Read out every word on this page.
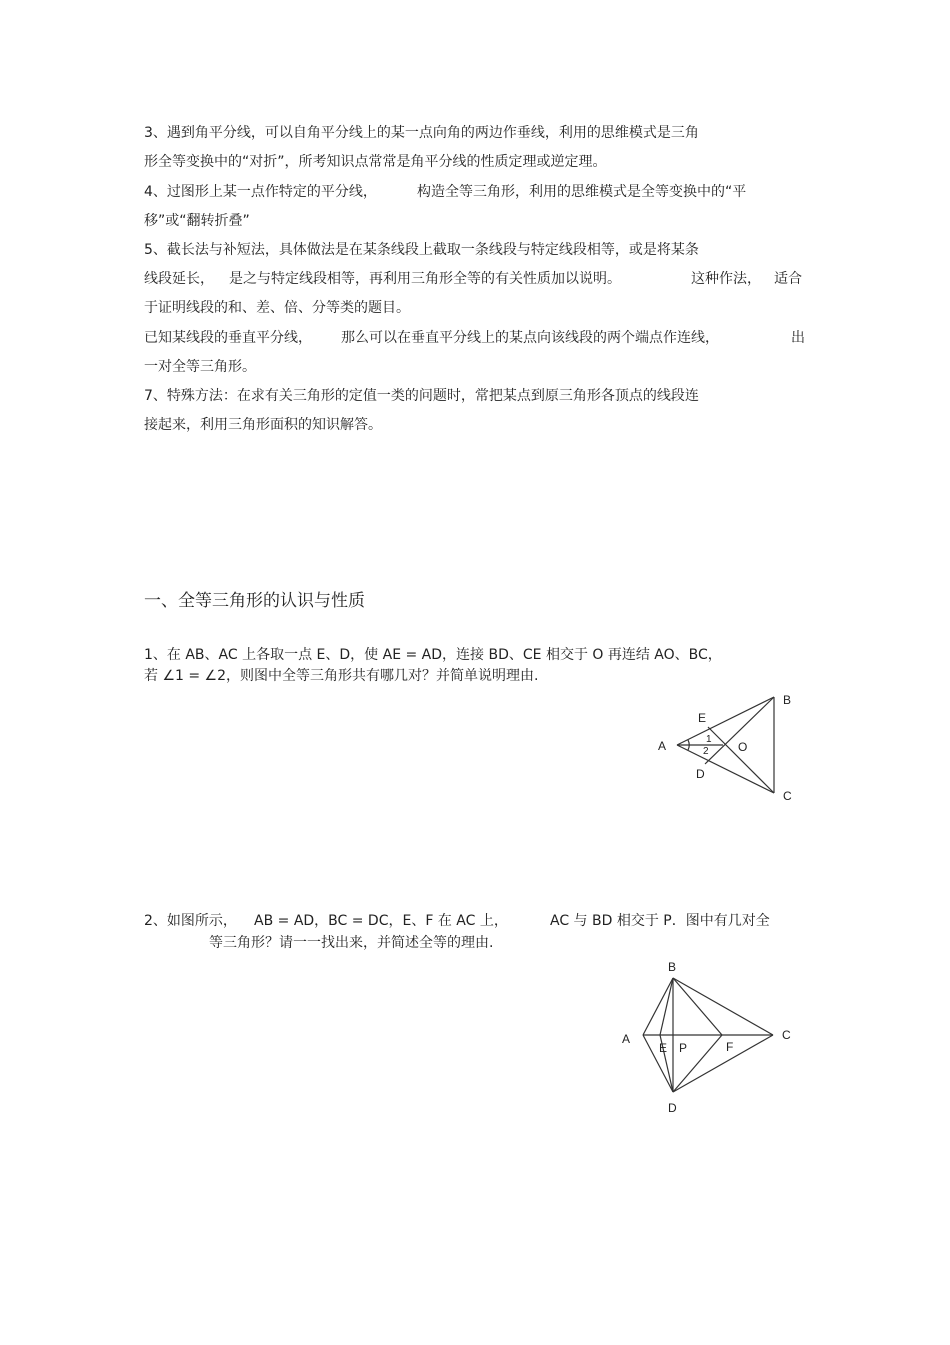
3、遇到角平分线，可以自角平分线上的某一点向角的两边作垂线，利用的思维模式是三角
形全等变换中的“对折”，所考知识点常常是角平分线的性质定理或逆定理。
4、过图形上某一点作特定的平分线，	构造全等三角形，利用的思维模式是全等变换中的“平
移”或“翻转折叠”
5、截长法与补短法，具体做法是在某条线段上截取一条线段与特定线段相等，或是将某条
线段延长， 是之与特定线段相等，再利用三角形全等的有关性质加以说明。	这种作法， 适合
于证明线段的和、差、倍、分等类的题目。
已知某线段的垂直平分线， 那么可以在垂直平分线上的某点向该线段的两个端点作连线，	出
一对全等三角形。
7、特殊方法：在求有关三角形的定值一类的问题时，常把某点到原三角形各顶点的线段连
接起来，利用三角形面积的知识解答。
一、全等三角形的认识与性质
1、在 AB、AC 上各取一点 E、D，使 AE = AD，连接 BD、CE 相交于 O 再连结 AO、BC，
若 ∠1 = ∠2，则图中全等三角形共有哪几对？并简单说明理由.
A
B
C
D
E
O
1
2
2、如图所示， AB = AD，BC = DC，E、F 在 AC 上，	AC 与 BD 相交于 P．图中有几对全
等三角形？请一一找出来，并简述全等的理由.
B
A	C
D
E P	F
